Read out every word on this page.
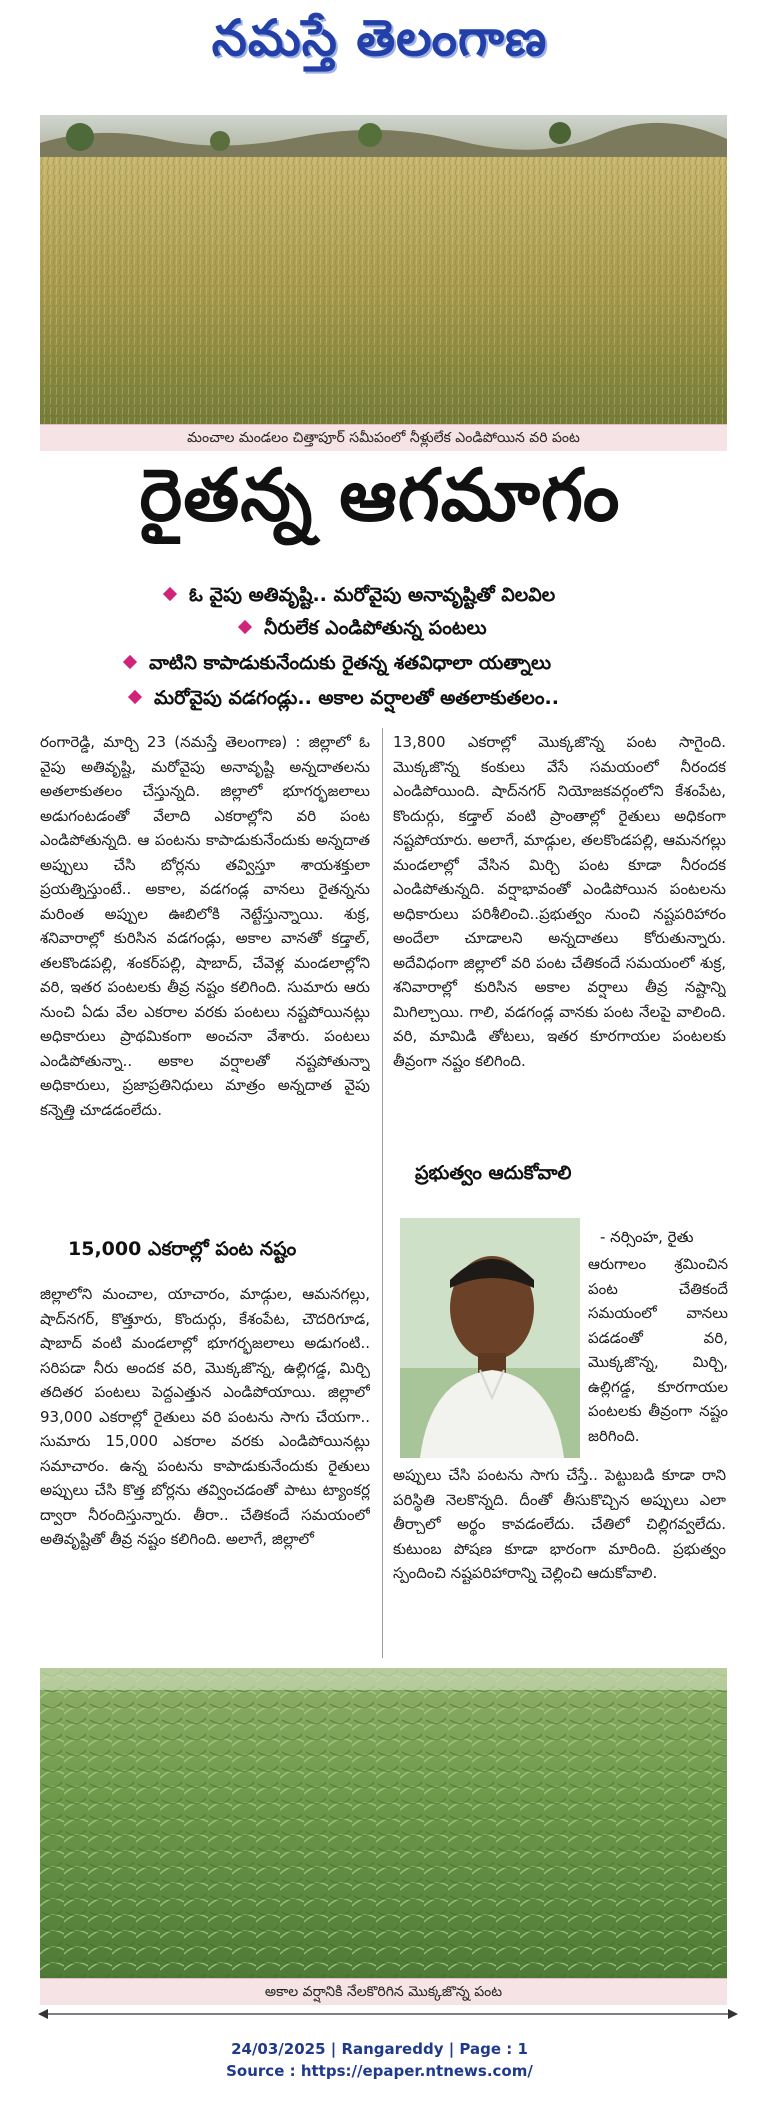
నమస్తే తెలంగాణ
మంచాల మండలం చిత్తాపూర్ సమీపంలో నీళ్లులేక ఎండిపోయిన వరి పంట
రైతన్న ఆగమాగం
ఓ వైపు అతివృష్టి.. మరోవైపు అనావృష్టితో విలవిల
నీరులేక ఎండిపోతున్న పంటలు
వాటిని కాపాడుకునేందుకు రైతన్న శతవిధాలా యత్నాలు
మరోవైపు వడగండ్లు.. అకాల వర్షాలతో అతలాకుతలం..

రంగారెడ్డి, మార్చి 23 (నమస్తే తెలంగాణ) : జిల్లాలో ఓ వైపు అతివృష్టి, మరోవైపు అనావృష్టి అన్నదాతలను అతలాకుతలం చేస్తున్నది. జిల్లాలో భూగర్భజలాలు అడుగంటడంతో వేలాది ఎకరాల్లోని వరి పంట ఎండిపోతున్నది. ఆ పంటను కాపాడుకునేందుకు అన్నదాత అప్పులు చేసి బోర్లను తవ్విస్తూ శాయశక్తులా ప్రయత్నిస్తుంటే.. అకాల, వడగండ్ల వానలు రైతన్నను మరింత అప్పుల ఊబిలోకి నెట్టేస్తున్నాయి. శుక్ర, శనివారాల్లో కురిసిన వడగండ్లు, అకాల వానతో కడ్తాల్, తలకొండపల్లి, శంకర్‌పల్లి, షాబాద్, చేవెళ్ల మండలాల్లోని వరి, ఇతర పంటలకు తీవ్ర నష్టం కలిగింది. సుమారు ఆరు నుంచి ఏడు వేల ఎకరాల వరకు పంటలు నష్టపోయినట్లు అధికారులు ప్రాథమికంగా అంచనా వేశారు. పంటలు ఎండిపోతున్నా.. అకాల వర్షాలతో నష్టపోతున్నా అధికారులు, ప్రజాప్రతినిధులు మాత్రం అన్నదాత వైపు కన్నెత్తి చూడడంలేదు.

15,000 ఎకరాల్లో పంట నష్టం

జిల్లాలోని మంచాల, యాచారం, మాడ్గుల, ఆమనగల్లు, షాద్‌నగర్, కొత్తూరు, కొందుర్గు, కేశంపేట, చౌదరిగూడ, షాబాద్ వంటి మండలాల్లో భూగర్భజలాలు అడుగంటి.. సరిపడా నీరు అందక వరి, మొక్కజొన్న, ఉల్లిగడ్డ, మిర్చి తదితర పంటలు పెద్దఎత్తున ఎండిపోయాయి. జిల్లాలో 93,000 ఎకరాల్లో రైతులు వరి పంటను సాగు చేయగా.. సుమారు 15,000 ఎకరాల వరకు ఎండిపోయినట్లు సమాచారం. ఉన్న పంటను కాపాడుకునేందుకు రైతులు అప్పులు చేసి కొత్త బోర్లను తవ్వించడంతో పాటు ట్యాంకర్ల ద్వారా నీరందిస్తున్నారు. తీరా.. చేతికందే సమయంలో అతివృష్టితో తీవ్ర నష్టం కలిగింది. అలాగే, జిల్లాలో

13,800 ఎకరాల్లో మొక్కజొన్న పంట సాగైంది. మొక్కజొన్న కంకులు వేసే సమయంలో నీరందక ఎండిపోయింది. షాద్‌నగర్ నియోజకవర్గంలోని కేశంపేట, కొందుర్గు, కడ్తాల్ వంటి ప్రాంతాల్లో రైతులు అధికంగా నష్టపోయారు. అలాగే, మాడ్గుల, తలకొండపల్లి, ఆమనగల్లు మండలాల్లో వేసిన మిర్చి పంట కూడా నీరందక ఎండిపోతున్నది. వర్షాభావంతో ఎండిపోయిన పంటలను అధికారులు పరిశీలించి..ప్రభుత్వం నుంచి నష్టపరిహారం అందేలా చూడాలని అన్నదాతలు కోరుతున్నారు. అదేవిధంగా జిల్లాలో వరి పంట చేతికందే సమయంలో శుక్ర, శనివారాల్లో కురిసిన అకాల వర్షాలు తీవ్ర నష్టాన్ని మిగిల్చాయి. గాలి, వడగండ్ల వానకు పంట నేలపై వాలింది. వరి, మామిడి తోటలు, ఇతర కూరగాయల పంటలకు తీవ్రంగా నష్టం కలిగింది.

ప్రభుత్వం ఆదుకోవాలి
- నర్సింహ, రైతు

ఆరుగాలం శ్రమించిన పంట చేతికందే సమయంలో వానలు పడడంతో వరి, మొక్కజొన్న, మిర్చి, ఉల్లిగడ్డ, కూరగాయల పంటలకు తీవ్రంగా నష్టం జరిగింది.

అప్పులు చేసి పంటను సాగు చేస్తే.. పెట్టుబడి కూడా రాని పరిస్థితి నెలకొన్నది. దీంతో తీసుకొచ్చిన అప్పులు ఎలా తీర్చాలో అర్థం కావడంలేదు. చేతిలో చిల్లిగవ్వలేదు. కుటుంబ పోషణ కూడా భారంగా మారింది. ప్రభుత్వం స్పందించి నష్టపరిహారాన్ని చెల్లించి ఆదుకోవాలి.

అకాల వర్షానికి నేలకొరిగిన మొక్కజొన్న పంట
24/03/2025 | Rangareddy | Page : 1
Source : https://epaper.ntnews.com/
